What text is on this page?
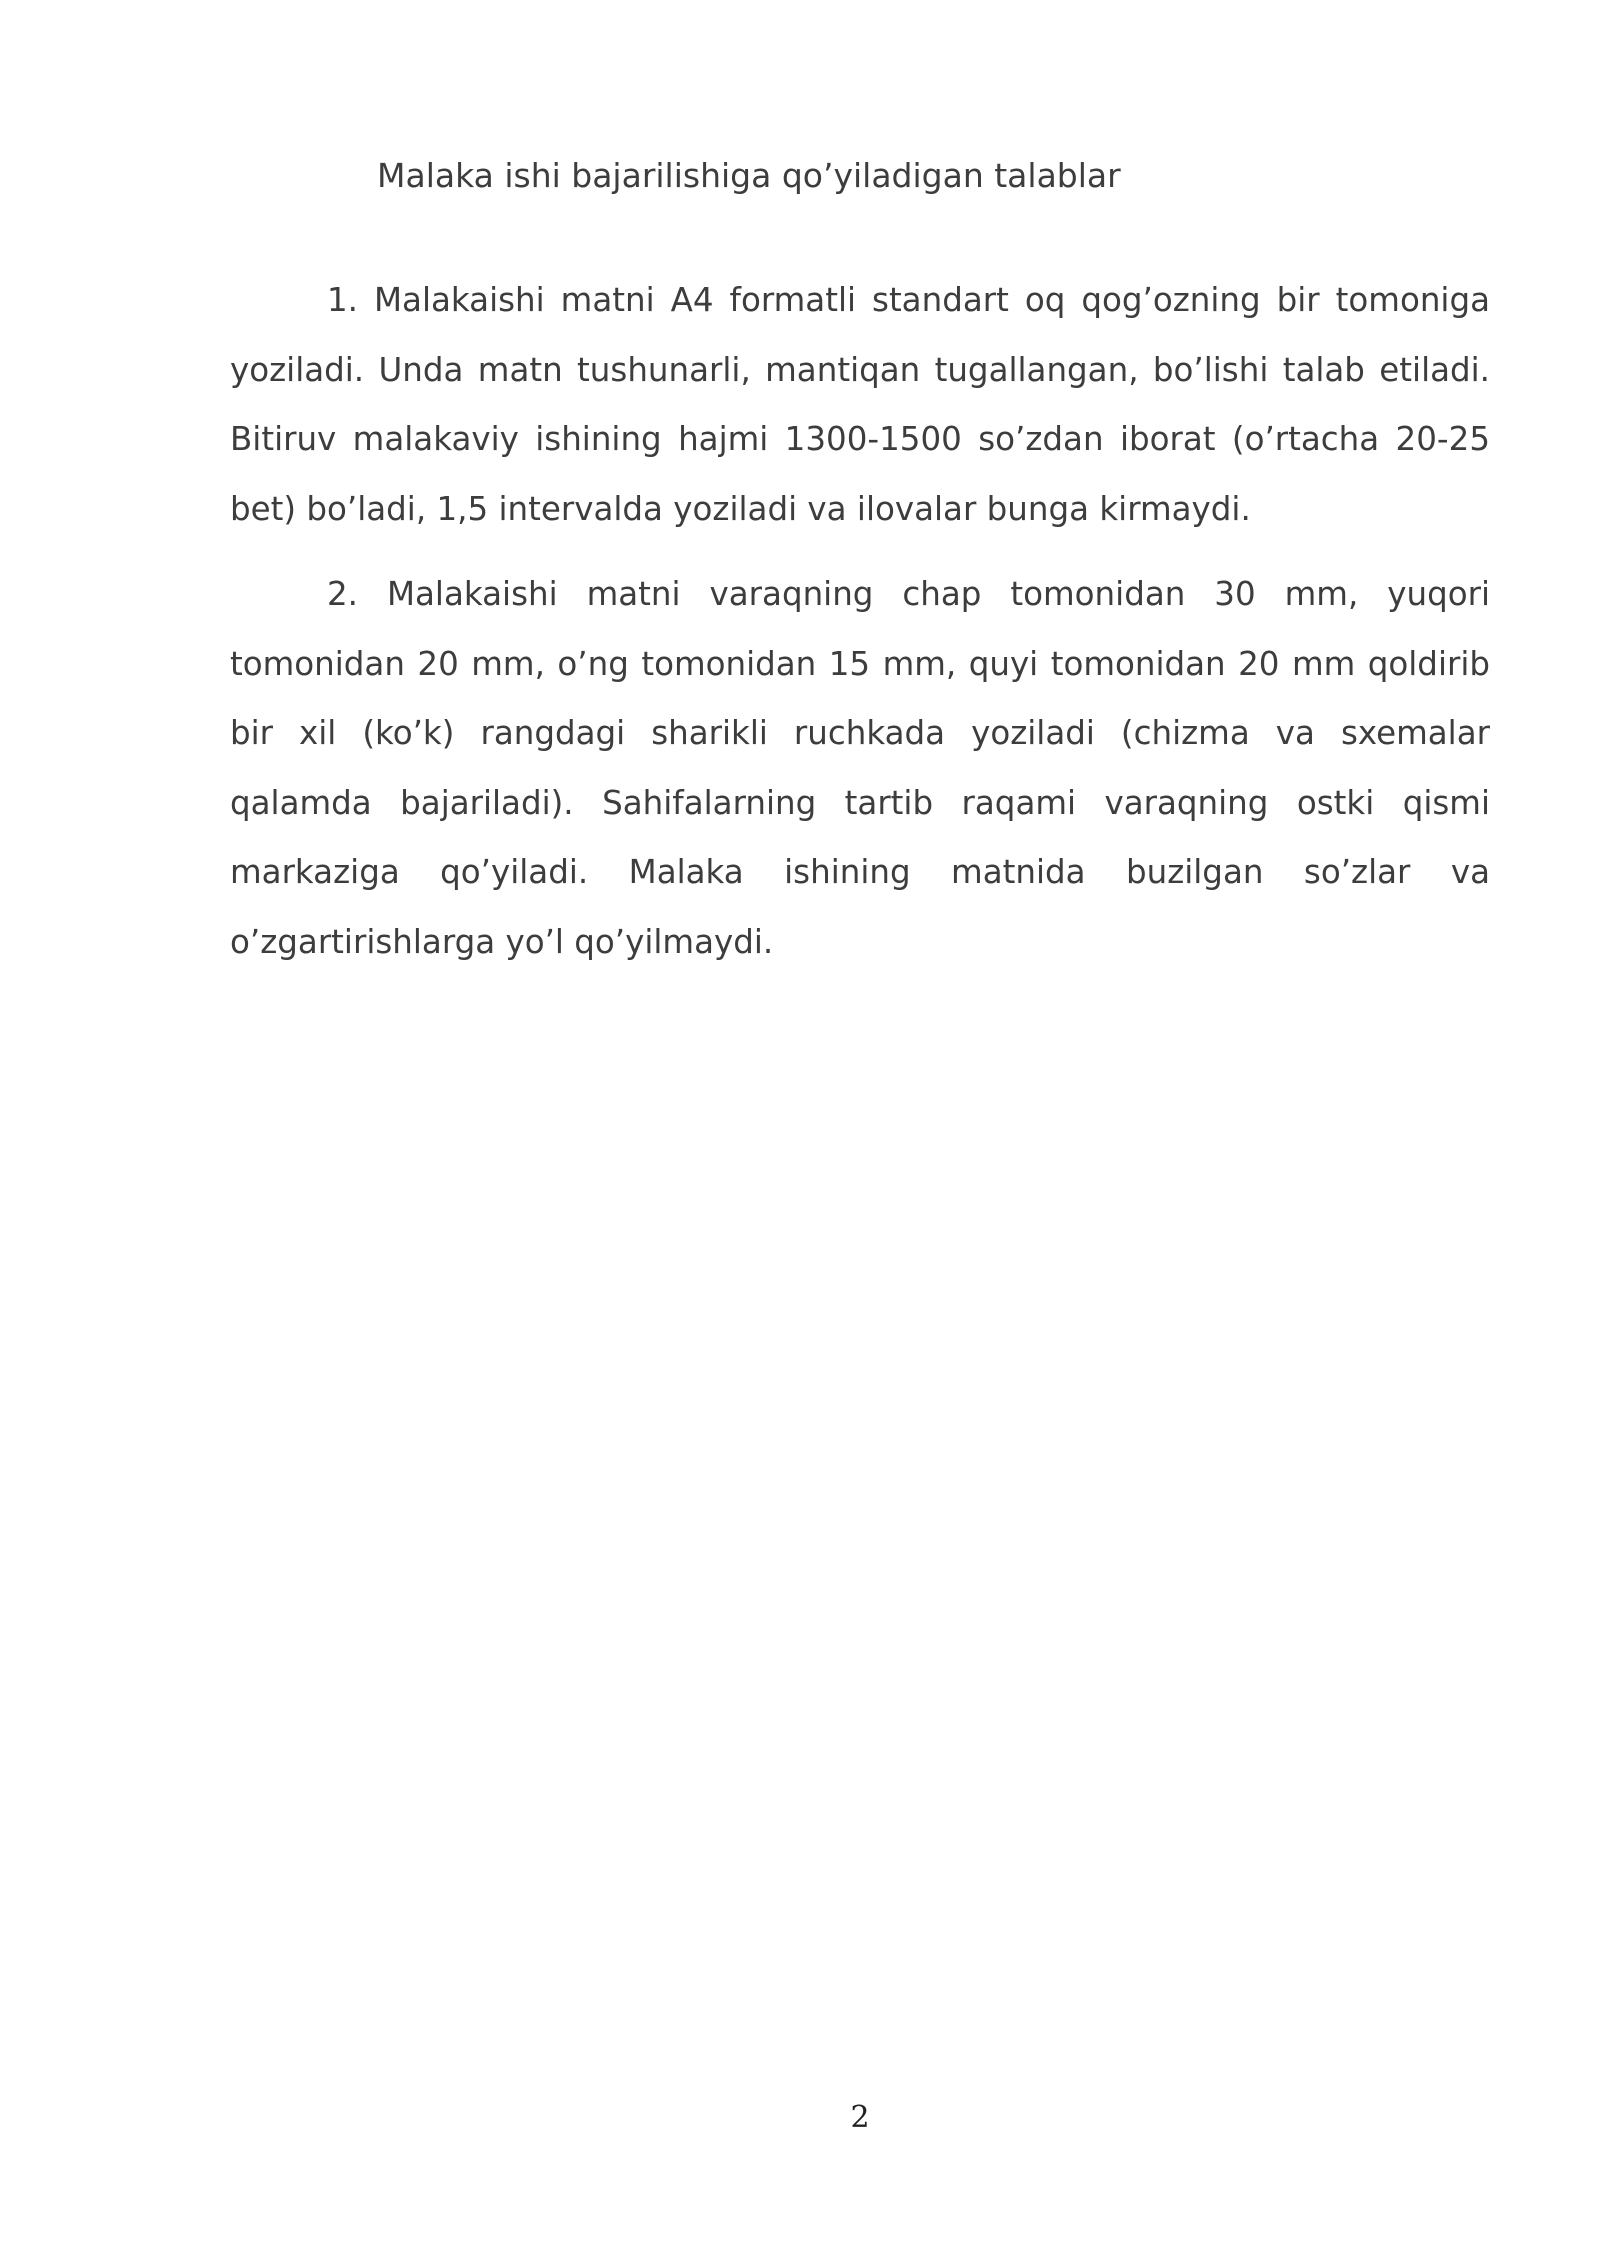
Malaka ishi bajarilishiga qo’yiladigan talablar

1. Malakaishi matni A4 formatli standart oq qog’ozning bir tomoniga yoziladi. Unda matn tushunarli, mantiqan tugallangan, bo’lishi talab etiladi. Bitiruv malakaviy ishining hajmi 1300-1500 so’zdan iborat (o’rtacha 20-25 bet) bo’ladi, 1,5 intervalda yoziladi va ilovalar bunga kirmaydi.

2. Malakaishi matni varaqning chap tomonidan 30 mm, yuqori tomonidan 20 mm, o’ng tomonidan 15 mm, quyi tomonidan 20 mm qoldirib bir xil (ko’k) rangdagi sharikli ruchkada yoziladi (chizma va sxemalar qalamda bajariladi). Sahifalarning tartib raqami varaqning ostki qismi markaziga qo’yiladi. Malaka ishining matnida buzilgan so’zlar va o’zgartirishlarga yo’l qo’yilmaydi.

2
